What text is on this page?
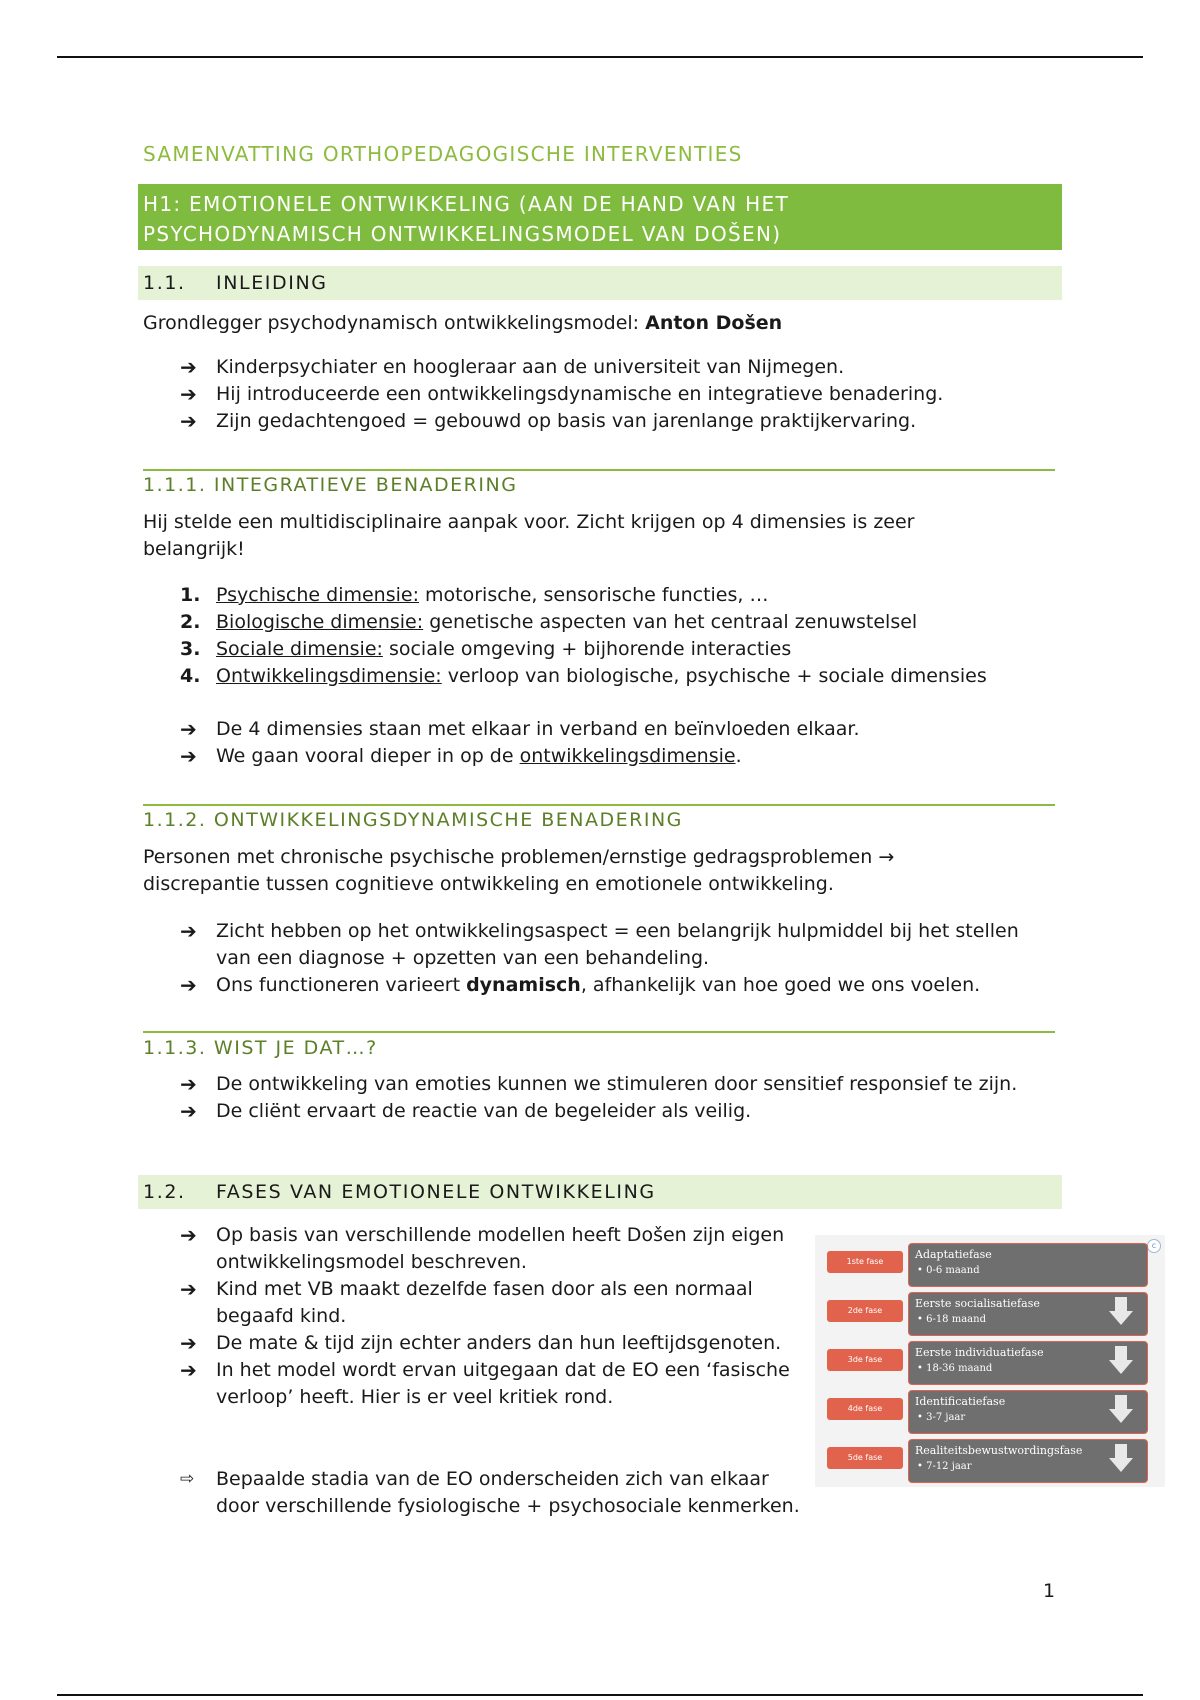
SAMENVATTING ORTHOPEDAGOGISCHE INTERVENTIES
H1: EMOTIONELE ONTWIKKELING (AAN DE HAND VAN HET
PSYCHODYNAMISCH ONTWIKKELINGSMODEL VAN DOŠEN)
1.1. INLEIDING
Grondlegger psychodynamisch ontwikkelingsmodel: Anton Došen
➔ Kinderpsychiater en hoogleraar aan de universiteit van Nijmegen.
➔ Hij introduceerde een ontwikkelingsdynamische en integratieve benadering.
➔ Zijn gedachtengoed = gebouwd op basis van jarenlange praktijkervaring.
1.1.1. INTEGRATIEVE BENADERING
Hij stelde een multidisciplinaire aanpak voor. Zicht krijgen op 4 dimensies is zeer belangrijk!
1. Psychische dimensie: motorische, sensorische functies, …
2. Biologische dimensie: genetische aspecten van het centraal zenuwstelsel
3. Sociale dimensie: sociale omgeving + bijhorende interacties
4. Ontwikkelingsdimensie: verloop van biologische, psychische + sociale dimensies
➔ De 4 dimensies staan met elkaar in verband en beïnvloeden elkaar.
➔ We gaan vooral dieper in op de ontwikkelingsdimensie.
1.1.2. ONTWIKKELINGSDYNAMISCHE BENADERING
Personen met chronische psychische problemen/ernstige gedragsproblemen →
discrepantie tussen cognitieve ontwikkeling en emotionele ontwikkeling.
➔ Zicht hebben op het ontwikkelingsaspect = een belangrijk hulpmiddel bij het stellen van een diagnose + opzetten van een behandeling.
➔ Ons functioneren varieert dynamisch, afhankelijk van hoe goed we ons voelen.
1.1.3. WIST JE DAT…?
➔ De ontwikkeling van emoties kunnen we stimuleren door sensitief responsief te zijn.
➔ De cliënt ervaart de reactie van de begeleider als veilig.
1.2. FASES VAN EMOTIONELE ONTWIKKELING
➔ Op basis van verschillende modellen heeft Došen zijn eigen ontwikkelingsmodel beschreven.
➔ Kind met VB maakt dezelfde fasen door als een normaal begaafd kind.
➔ De mate & tijd zijn echter anders dan hun leeftijdsgenoten.
➔ In het model wordt ervan uitgegaan dat de EO een ‘fasische verloop’ heeft. Hier is er veel kritiek rond.
⇨ Bepaalde stadia van de EO onderscheiden zich van elkaar door verschillende fysiologische + psychosociale kenmerken.
c
1ste fase
Adaptatiefase
• 0-6 maand
2de fase
Eerste socialisatiefase
• 6-18 maand
3de fase
Eerste individuatiefase
• 18-36 maand
4de fase
Identificatiefase
• 3-7 jaar
5de fase
Realiteitsbewustwordingsfase
• 7-12 jaar
1
